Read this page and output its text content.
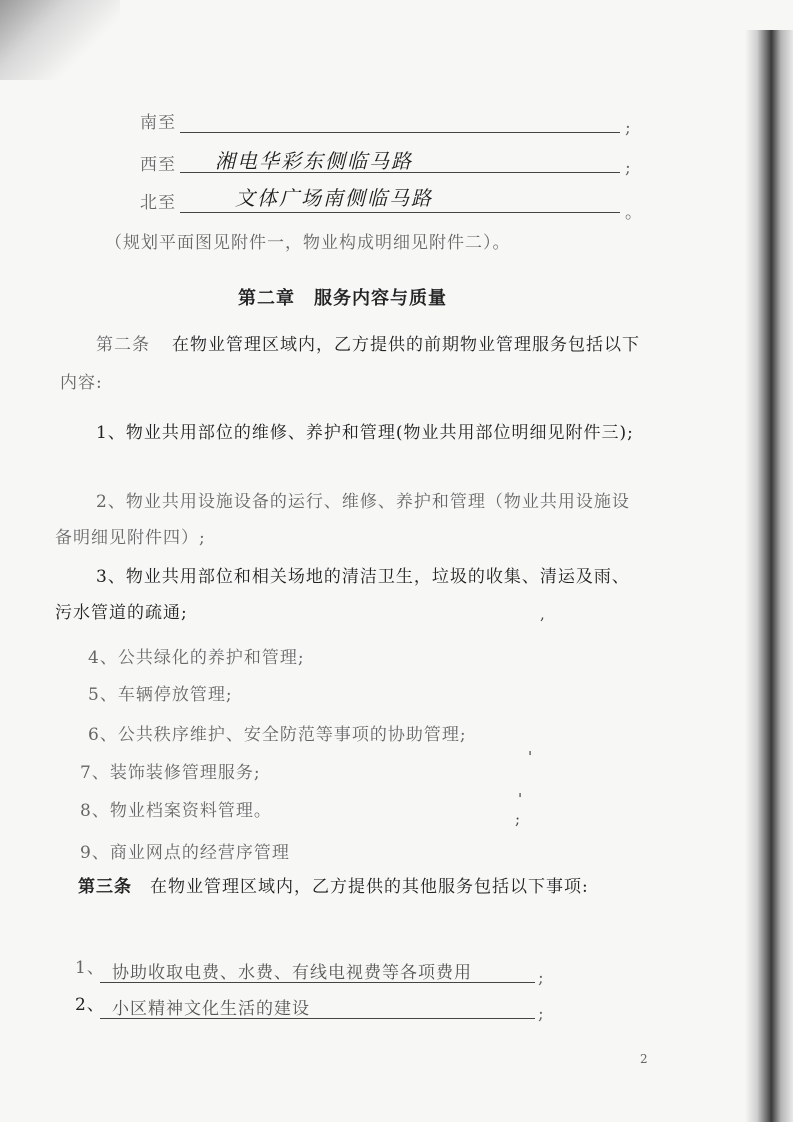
南至	;
西至 湘电华彩东侧临马路	;
北至	文体广场南侧临马路
。
（规划平面图见附件一，物业构成明细见附件二）。
第二章　服务内容与质量
第二条 在物业管理区域内，乙方提供的前期物业管理服务包括以下
内容:
1、物业共用部位的维修、养护和管理(物业共用部位明细见附件三);
2、物业共用设施设备的运行、维修、养护和管理（物业共用设施设
备明细见附件四）;
3、物业共用部位和相关场地的清洁卫生，垃圾的收集、清运及雨、
污水管道的疏通;
4、公共绿化的养护和管理;
5、车辆停放管理;
6、公共秩序维护、安全防范等事项的协助管理;
7、装饰装修管理服务;
8、物业档案资料管理。
9、商业网点的经营序管理
第三条 在物业管理区域内，乙方提供的其他服务包括以下事项:
1、 协助收取电费、水费、有线电视费等各项费用	;
2、 小区精神文化生活的建设	;
,
'
'
;
2
